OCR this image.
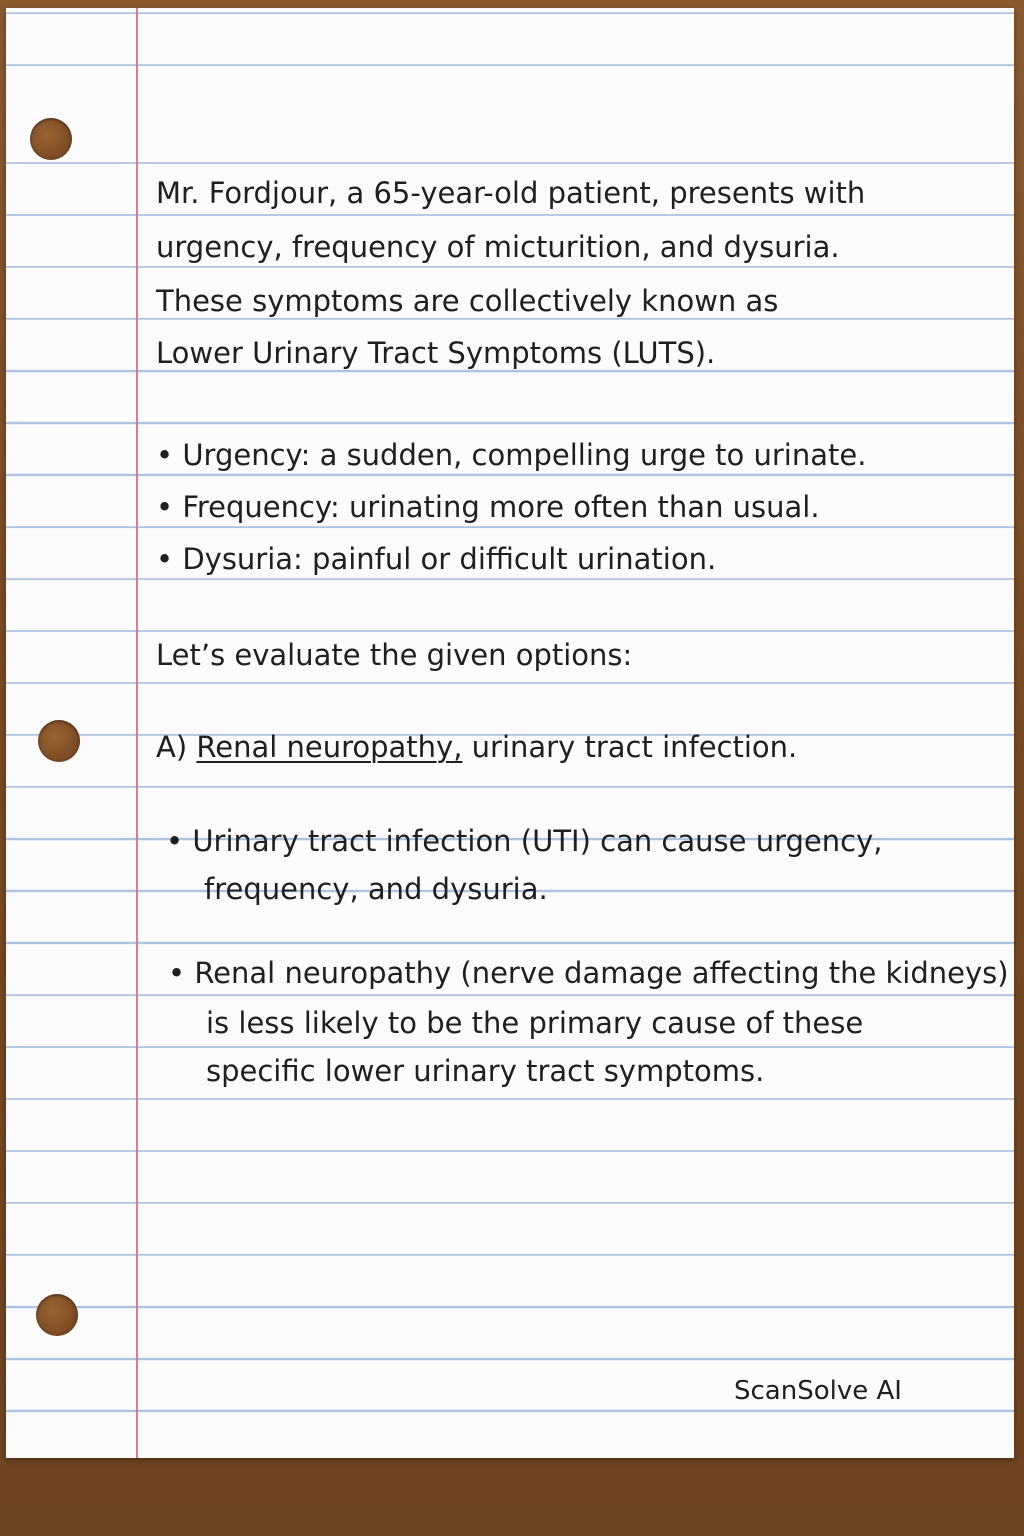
Mr. Fordjour, a 65-year-old patient, presents with
urgency, frequency of micturition, and dysuria.
These symptoms are collectively known as
Lower Urinary Tract Symptoms (LUTS).
• Urgency: a sudden, compelling urge to urinate.
• Frequency: urinating more often than usual.
• Dysuria: painful or difficult urination.
Let’s evaluate the given options:
A) Renal neuropathy, urinary tract infection.
• Urinary tract infection (UTI) can cause urgency,
frequency, and dysuria.
• Renal neuropathy (nerve damage affecting the kidneys)
is less likely to be the primary cause of these
specific lower urinary tract symptoms.
ScanSolve AI
